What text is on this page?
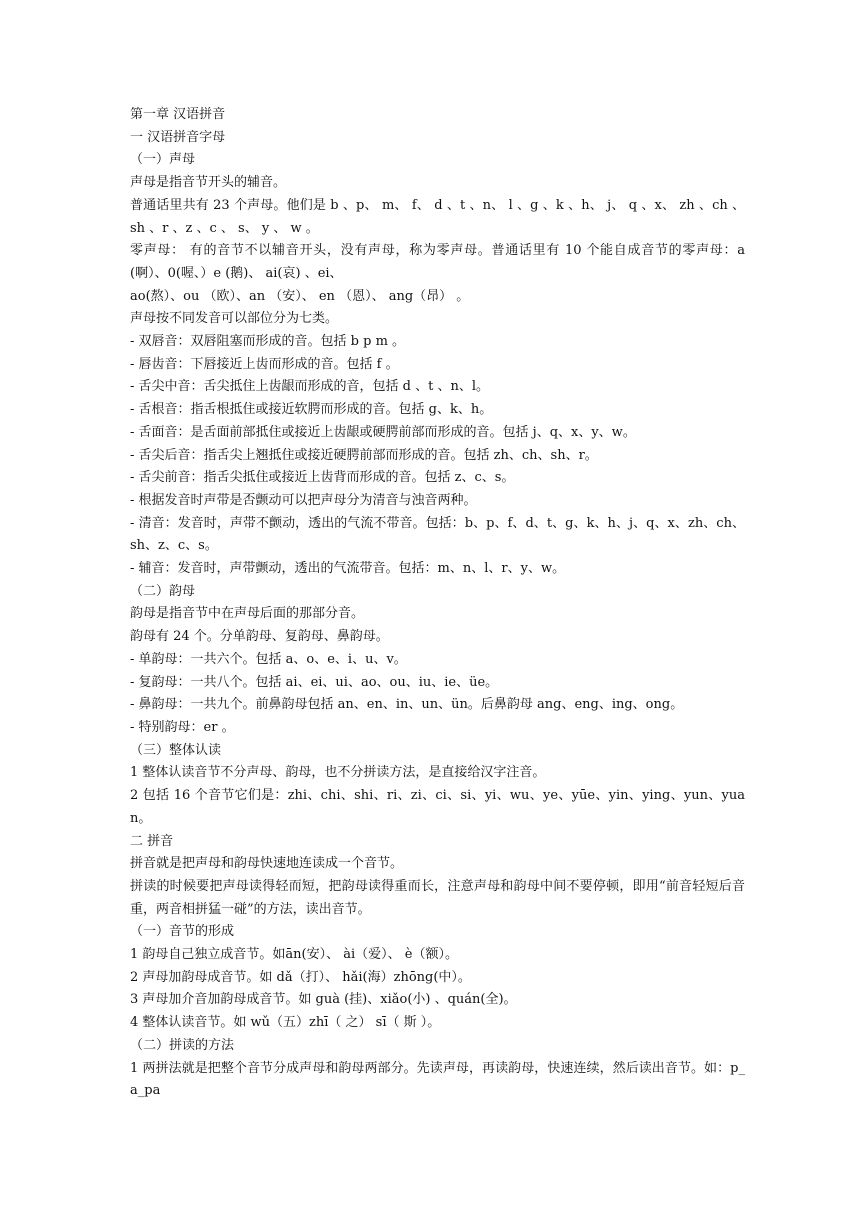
第一章 汉语拼音
一 汉语拼音字母
（一）声母
声母是指音节开头的辅音。
普通话里共有 23 个声母。他们是 b 、p、 m、 f、 d 、t 、n、 l 、g 、k 、h、 j、 q 、x、 zh 、ch 、 sh 、r 、z 、c 、 s、 y 、 w 。
零声母： 有的音节不以辅音开头，没有声母，称为零声母。普通话里有 10 个能自成音节的零声母：a(啊）、0(喔、）e (鹅)、 ai(哀) 、ei、
ao(熬）、ou （欧）、an （安）、 en （恩）、 ang（昂） 。
声母按不同发音可以部位分为七类。
- 双唇音：双唇阻塞而形成的音。包括 b p m 。
- 唇齿音：下唇接近上齿而形成的音。包括 f 。
- 舌尖中音：舌尖抵住上齿龈而形成的音，包括 d 、t 、n、l。
- 舌根音：指舌根抵住或接近软腭而形成的音。包括 g、k、h。
- 舌面音：是舌面前部抵住或接近上齿龈或硬腭前部而形成的音。包括 j、q、x、y、w。
- 舌尖后音：指舌尖上翘抵住或接近硬腭前部而形成的音。包括 zh、ch、sh、r。
- 舌尖前音：指舌尖抵住或接近上齿背而形成的音。包括 z、c、s。
- 根据发音时声带是否颤动可以把声母分为清音与浊音两种。
- 清音：发音时，声带不颤动，透出的气流不带音。包括：b、p、f、d、t、g、k、h、j、q、x、zh、ch、sh、z、c、s。
- 辅音：发音时，声带颤动，透出的气流带音。包括：m、n、l、r、y、w。
（二）韵母
韵母是指音节中在声母后面的那部分音。
韵母有 24 个。分单韵母、复韵母、鼻韵母。
- 单韵母：一共六个。包括 a、o、e、i、u、v。
- 复韵母：一共八个。包括 ai、ei、ui、ao、ou、iu、ie、üe。
- 鼻韵母：一共九个。前鼻韵母包括 an、en、in、un、ün。后鼻韵母 ang、eng、ing、ong。
- 特别韵母：er 。
（三）整体认读
1 整体认读音节不分声母、韵母，也不分拼读方法，是直接给汉字注音。
2 包括 16 个音节它们是：zhi、chi、shi、ri、zi、ci、si、yi、wu、ye、yūe、yin、ying、yun、yuan。
二 拼音
拼音就是把声母和韵母快速地连读成一个音节。
拼读的时候要把声母读得轻而短，把韵母读得重而长，注意声母和韵母中间不要停顿，即用“前音轻短后音重，两音相拼猛一碰”的方法，读出音节。
（一）音节的形成
1 韵母自己独立成音节。如ān(安）、 ài（爱）、 è（额）。
2 声母加韵母成音节。如 dǎ（打）、 hǎi(海）zhōng(中）。
3 声母加介音加韵母成音节。如 guà (挂)、xiǎo(小) 、quán(全)。
4 整体认读音节。如 wǔ（五）zhī（ 之） sī（ 斯 ）。
（二）拼读的方法
1 两拼法就是把整个音节分成声母和韵母两部分。先读声母，再读韵母，快速连续，然后读出音节。如：p_a_pa
